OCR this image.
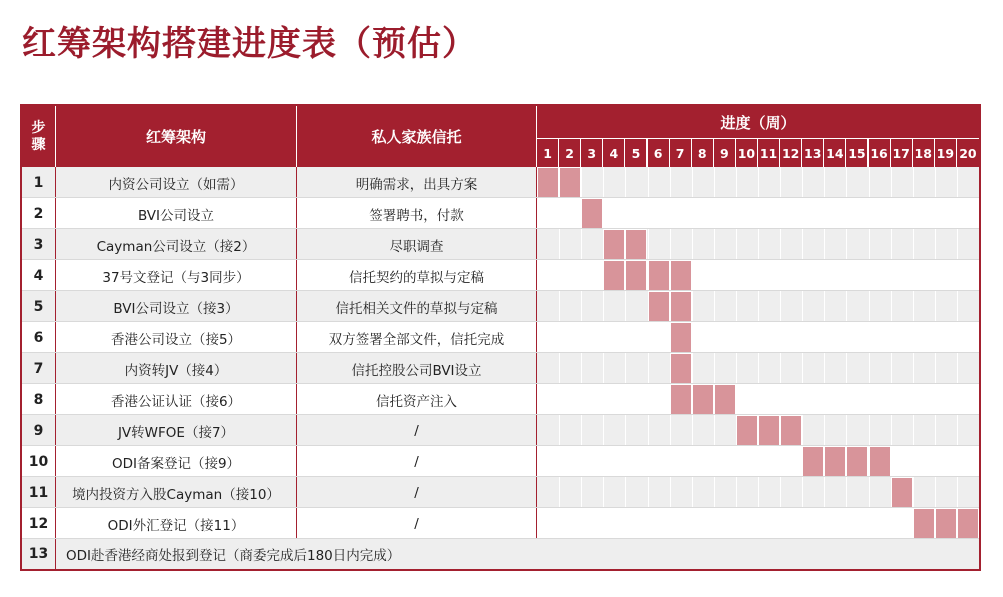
红筹架构搭建进度表（预估）
步
骤	红筹架构	私人家族信托
进度（周）
1	2	3	4	5	6	7	8	9 10 11 12 13 14 15 16 17 18 19 20
1	内资公司设立（如需）	明确需求，出具方案
2	BVI公司设立	签署聘书，付款
3	Cayman公司设立（接2）	尽职调查
4	37号文登记（与3同步）	信托契约的草拟与定稿
5	BVI公司设立（接3）	信托相关文件的草拟与定稿
6	香港公司设立（接5）	双方签署全部文件，信托完成
7	内资转JV（接4）	信托控股公司BVI设立
8	香港公证认证（接6）	信托资产注入
9	JV转WFOE（接7）	/
10	ODI备案登记（接9）	/
11	境内投资方入股Cayman（接10）	/
12	ODI外汇登记（接11）	/
13	ODI赴香港经商处报到登记（商委完成后180日内完成）
